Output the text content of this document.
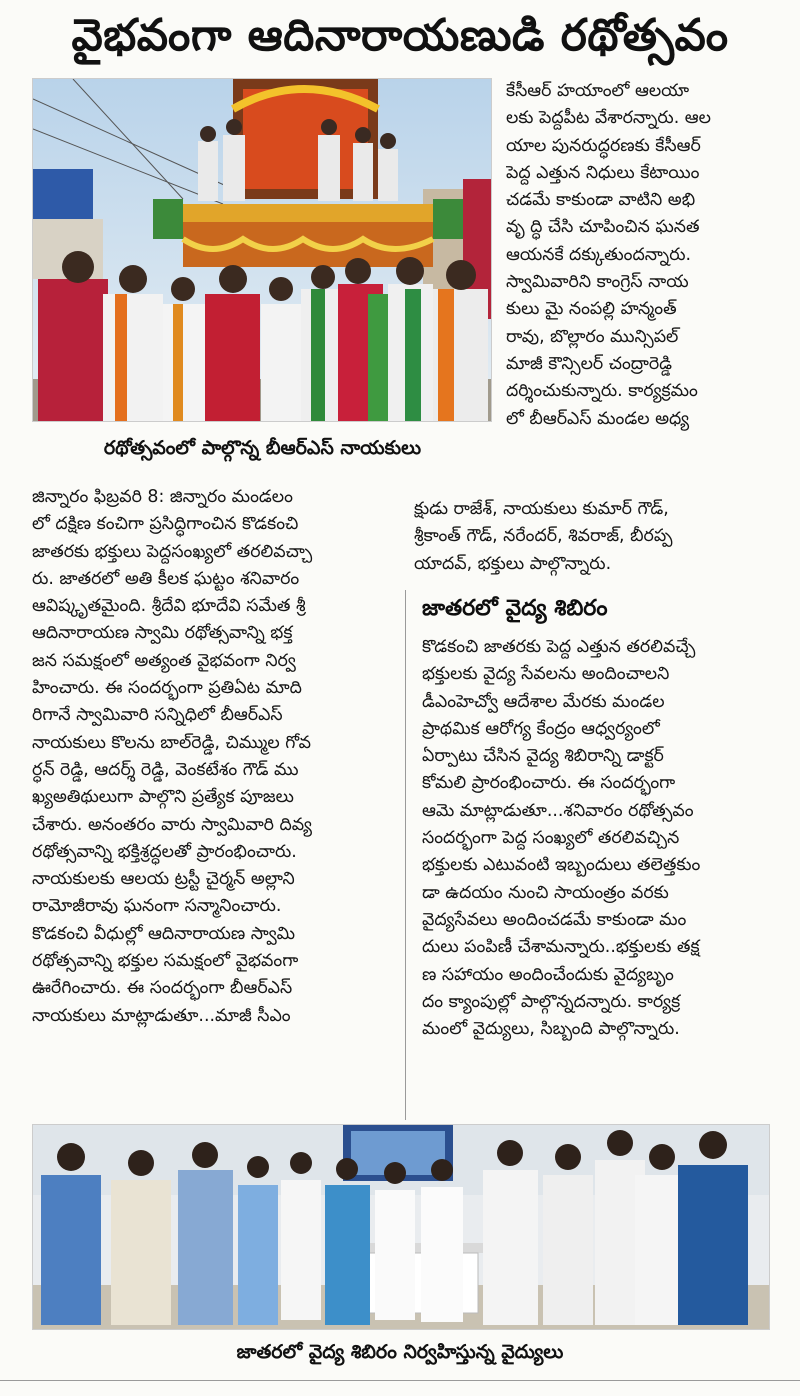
వైభవంగా ఆదినారాయణుడి రథోత్సవం
రథోత్సవంలో పాల్గొన్న బీఆర్ఎస్ నాయకులు
కేసీఆర్ హయాంలో ఆలయా
లకు పెద్దపీట వేశారన్నారు. ఆల
యాల పునరుద్ధరణకు కేసీఆర్
పెద్ద ఎత్తున నిధులు కేటాయిం
చడమే కాకుండా వాటిని అభి
వృ ద్ధి చేసి చూపించిన ఘనత
ఆయనకే దక్కుతుందన్నారు.
స్వామివారిని కాంగ్రెస్ నాయ
కులు మై నంపల్లి హన్మంత్
రావు, బొల్లారం మున్సిపల్
మాజీ కౌన్సిలర్ చంద్రారెడ్డి
దర్శించుకున్నారు. కార్యక్రమం
లో బీఆర్ఎస్ మండల అధ్య
క్షుడు రాజేశ్, నాయకులు కుమార్ గౌడ్,
శ్రీకాంత్ గౌడ్, నరేందర్, శివరాజ్, బీరప్ప
యాదవ్, భక్తులు పాల్గొన్నారు.
జిన్నారం ఫిబ్రవరి 8: జిన్నారం మండలం
లో దక్షిణ కంచిగా ప్రసిద్ధిగాంచిన కొడకంచి
జాతరకు భక్తులు పెద్దసంఖ్యలో తరలివచ్చా
రు. జాతరలో అతి కీలక ఘట్టం శనివారం
ఆవిష్కృతమైంది. శ్రీదేవి భూదేవి సమేత శ్రీ
ఆదినారాయణ స్వామి రథోత్సవాన్ని భక్త
జన సమక్షంలో అత్యంత వైభవంగా నిర్వ
హించారు. ఈ సందర్భంగా ప్రతిఏట మాది
రిగానే స్వామివారి సన్నిధిలో బీఆర్ఎస్
నాయకులు కొలను బాల్‌రెడ్డి, చిమ్ముల గోవ
ర్ధన్ రెడ్డి, ఆదర్శ్ రెడ్డి, వెంకటేశం గౌడ్ ము
ఖ్యఅతిథులుగా పాల్గొని ప్రత్యేక పూజలు
చేశారు. అనంతరం వారు స్వామివారి దివ్య
రథోత్సవాన్ని భక్తిశ్రద్ధలతో ప్రారంభించారు.
నాయకులకు ఆలయ ట్రస్టీ చైర్మన్ అల్లాని
రామోజీరావు ఘనంగా సన్మానించారు.
కొడకంచి వీధుల్లో ఆదినారాయణ స్వామి
రథోత్సవాన్ని భక్తుల సమక్షంలో వైభవంగా
ఊరేగించారు. ఈ సందర్భంగా బీఆర్ఎస్
నాయకులు మాట్లాడుతూ...మాజీ సీఎం
జాతరలో వైద్య శిబిరం
కొడకంచి జాతరకు పెద్ద ఎత్తున తరలివచ్చే
భక్తులకు వైద్య సేవలను అందించాలని
డీఎంహెచ్వో ఆదేశాల మేరకు మండల
ప్రాథమిక ఆరోగ్య కేంద్రం ఆధ్వర్యంలో
ఏర్పాటు చేసిన వైద్య శిబిరాన్ని డాక్టర్
కోమలి ప్రారంభించారు. ఈ సందర్భంగా
ఆమె మాట్లాడుతూ...శనివారం రథోత్సవం
సందర్భంగా పెద్ద సంఖ్యలో తరలివచ్చిన
భక్తులకు ఎటువంటి ఇబ్బందులు తలెత్తకుం
డా ఉదయం నుంచి సాయంత్రం వరకు
వైద్యసేవలు అందించడమే కాకుండా మం
దులు పంపిణీ చేశామన్నారు..భక్తులకు తక్ష
ణ సహాయం అందించేందుకు వైద్యబృం
దం క్యాంపుల్లో పాల్గొన్నదన్నారు. కార్యక్ర
మంలో వైద్యులు, సిబ్బంది పాల్గొన్నారు.
జాతరలో వైద్య శిబిరం నిర్వహిస్తున్న వైద్యులు
